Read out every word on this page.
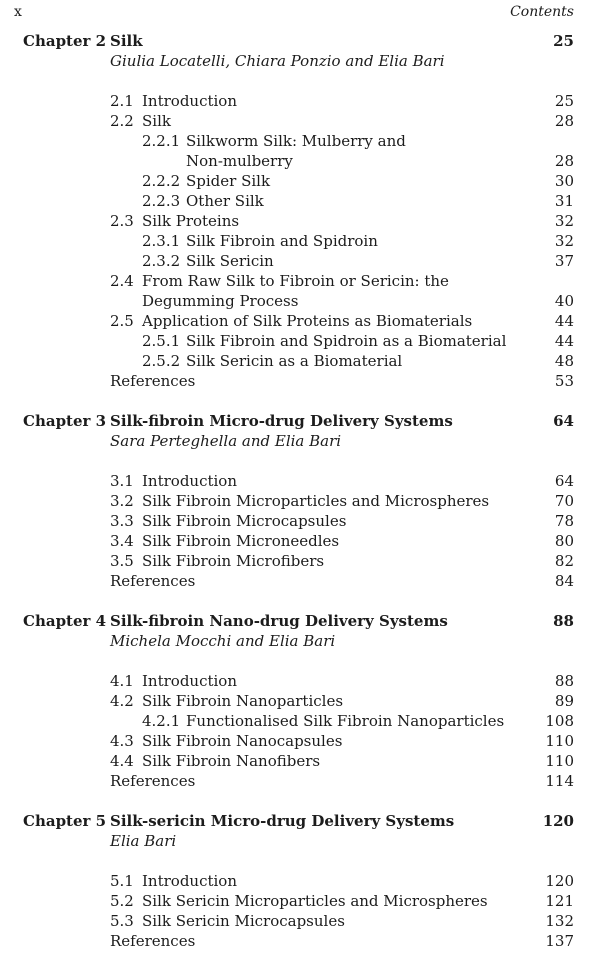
x	Contents
Chapter 2 Silk	25
Giulia Locatelli, Chiara Ponzio and Elia Bari
2.1 Introduction	25
2.2 Silk	28
2.2.1 Silkworm Silk: Mulberry and
Non-mulberry	28
2.2.2 Spider Silk	30
2.2.3 Other Silk	31
2.3 Silk Proteins	32
2.3.1 Silk Fibroin and Spidroin	32
2.3.2 Silk Sericin	37
2.4 From Raw Silk to Fibroin or Sericin: the
Degumming Process	40
2.5 Application of Silk Proteins as Biomaterials	44
2.5.1 Silk Fibroin and Spidroin as a Biomaterial	44
2.5.2 Silk Sericin as a Biomaterial	48
References	53
Chapter 3 Silk-fibroin Micro-drug Delivery Systems	64
Sara Perteghella and Elia Bari
3.1 Introduction	64
3.2 Silk Fibroin Microparticles and Microspheres	70
3.3 Silk Fibroin Microcapsules	78
3.4 Silk Fibroin Microneedles	80
3.5 Silk Fibroin Microfibers	82
References	84
Chapter 4 Silk-fibroin Nano-drug Delivery Systems	88
Michela Mocchi and Elia Bari
4.1 Introduction	88
4.2 Silk Fibroin Nanoparticles	89
4.2.1 Functionalised Silk Fibroin Nanoparticles	108
4.3 Silk Fibroin Nanocapsules	110
4.4 Silk Fibroin Nanofibers	110
References	114
Chapter 5 Silk-sericin Micro-drug Delivery Systems	120
Elia Bari
5.1 Introduction	120
5.2 Silk Sericin Microparticles and Microspheres	121
5.3 Silk Sericin Microcapsules	132
References	137
